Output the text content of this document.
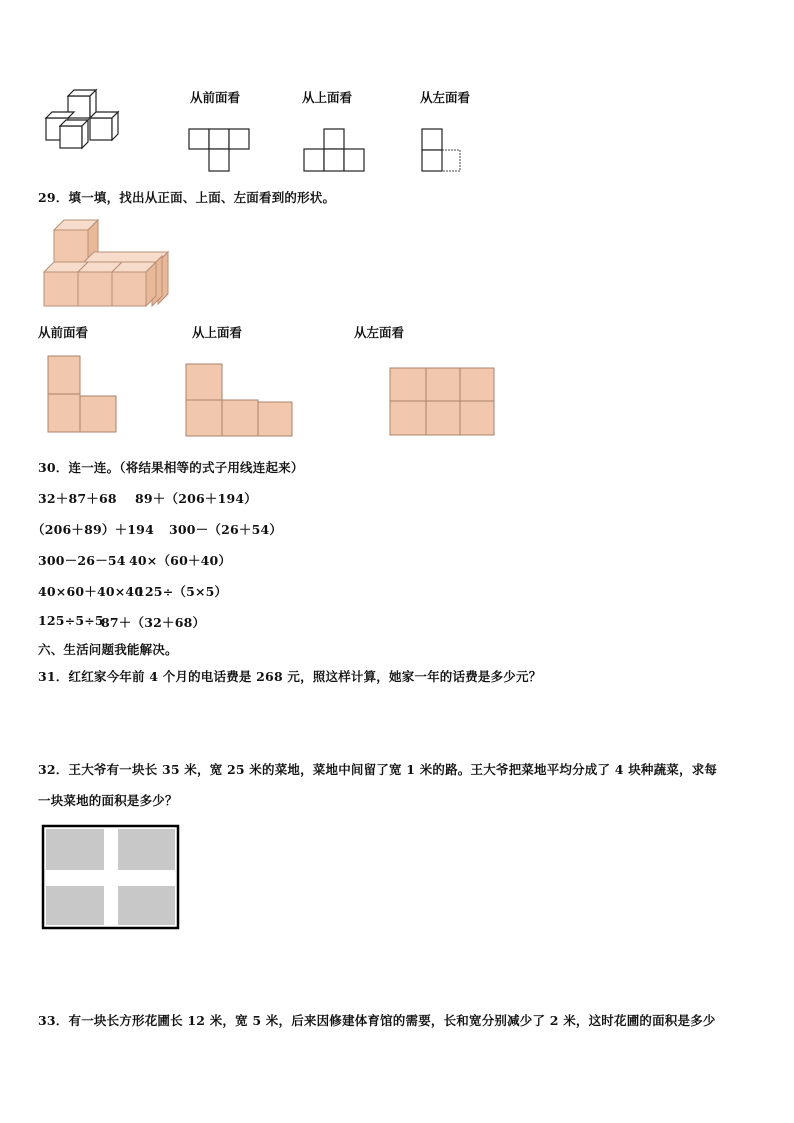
从前面看	从上面看	从左面看
29．填一填，找出从正面、上面、左面看到的形状。
从前面看	从上面看	从左面看
30．连一连。（将结果相等的式子用线连起来）
32＋87＋68 89＋（206＋194）
（206＋89）＋194 300－（26＋54）
300－26－54 40×（60＋40）
40×60＋40×40
125÷（5×5）
125÷5÷5
87＋（32＋68）
六、生活问题我能解决。
31．红红家今年前 4 个月的电话费是 268 元，照这样计算，她家一年的话费是多少元？
32．王大爷有一块长 35 米，宽 25 米的菜地，菜地中间留了宽 1 米的路。王大爷把菜地平均分成了 4 块种蔬菜，求每
一块菜地的面积是多少？
33．有一块长方形花圃长 12 米，宽 5 米，后来因修建体育馆的需要，长和宽分别减少了 2 米，这时花圃的面积是多少
